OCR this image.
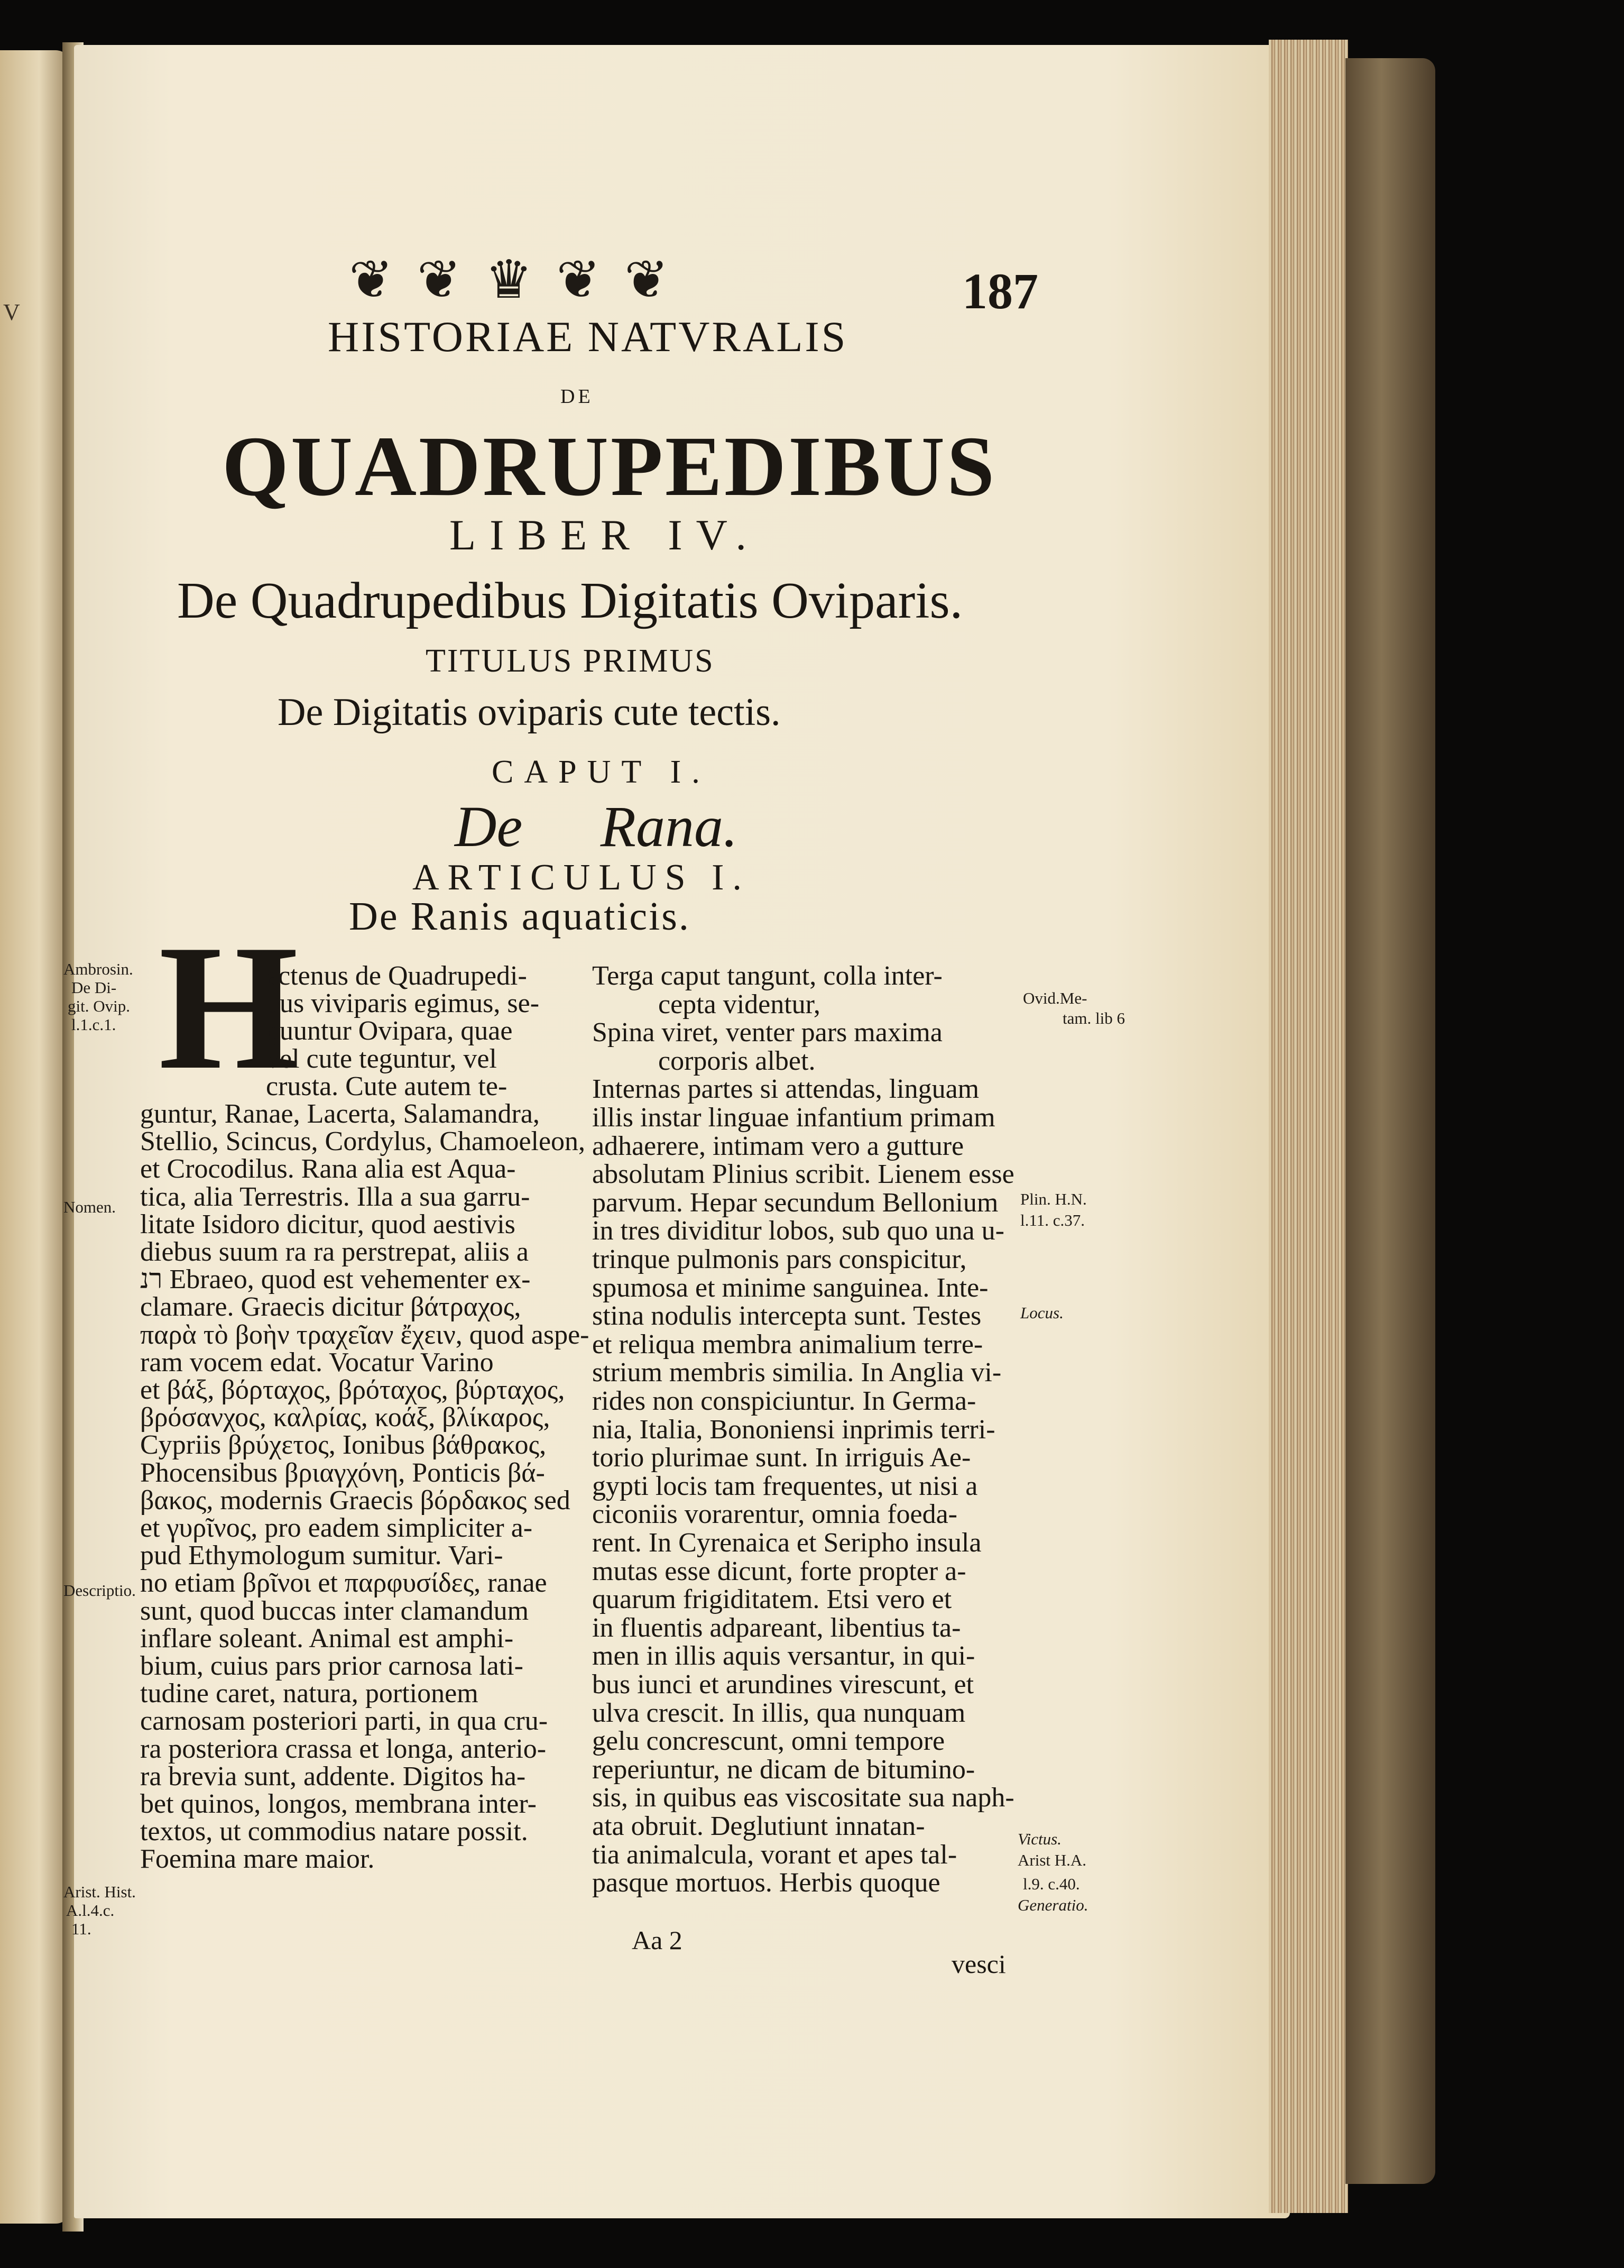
V
❦ ❦ ♛ ❦ ❦	187
HISTORIAE NATVRALIS
DE
QUADRUPEDIBUS
LIBER IV.
De Quadrupedibus Digitatis Oviparis.
TITULUS PRIMUS
De Digitatis oviparis cute tectis.
CAPUT I.
De Rana.
ARTICULUS I.
De Ranis aquaticis.
H
actenus de Quadrupedi-
bus viviparis egimus, se-
quuntur Ovipara, quae
vel cute teguntur, vel
crusta. Cute autem te-
guntur, Ranae, Lacerta, Salamandra,
Stellio, Scincus, Cordylus, Chamoeleon,
et Crocodilus. Rana alia est Aqua-
tica, alia Terrestris. Illa a sua garru-
litate Isidoro dicitur, quod aestivis
diebus suum ra ra perstrepat, aliis a
רנ Ebraeo, quod est vehementer ex-
clamare. Graecis dicitur βάτραχος,
παρὰ τὸ βοὴν τραχεῖαν ἔχειν, quod aspe-
ram vocem edat. Vocatur Varino
et βάξ, βόρταχος, βρόταχος, βύρταχος,
βρόσανχος, καλρίας, κοάξ, βλίκαρος,
Cypriis βρύχετος, Ionibus βάθρακος,
Phocensibus βριαγχόνη, Ponticis βά-
βακος, modernis Graecis βόρδακος sed
et γυρῖνος, pro eadem simpliciter a-
pud Ethymologum sumitur. Vari-
no etiam βρῖνοι et παρφυσίδες, ranae
sunt, quod buccas inter clamandum
inflare soleant. Animal est amphi-
bium, cuius pars prior carnosa lati-
tudine caret, natura, portionem
carnosam posteriori parti, in qua cru-
ra posteriora crassa et longa, anterio-
ra brevia sunt, addente. Digitos ha-
bet quinos, longos, membrana inter-
textos, ut commodius natare possit.
Foemina mare maior.
Terga caput tangunt, colla inter-
cepta videntur,
Spina viret, venter pars maxima
corporis albet.
Internas partes si attendas, linguam
illis instar linguae infantium primam
adhaerere, intimam vero a gutture
absolutam Plinius scribit. Lienem esse
parvum. Hepar secundum Bellonium
in tres dividitur lobos, sub quo una u-
trinque pulmonis pars conspicitur,
spumosa et minime sanguinea. Inte-
stina nodulis intercepta sunt. Testes
et reliqua membra animalium terre-
strium membris similia. In Anglia vi-
rides non conspiciuntur. In Germa-
nia, Italia, Bononiensi inprimis terri-
torio plurimae sunt. In irriguis Ae-
gypti locis tam frequentes, ut nisi a
ciconiis vorarentur, omnia foeda-
rent. In Cyrenaica et Seripho insula
mutas esse dicunt, forte propter a-
quarum frigiditatem. Etsi vero et
in fluentis adpareant, libentius ta-
men in illis aquis versantur, in qui-
bus iunci et arundines virescunt, et
ulva crescit. In illis, qua nunquam
gelu concrescunt, omni tempore
reperiuntur, ne dicam de bitumino-
sis, in quibus eas viscositate sua naph-
ata obruit. Deglutiunt innatan-
tia animalcula, vorant et apes tal-
pasque mortuos. Herbis quoque
Ambrosin.
De Di-
git. Ovip.
l.1.c.1.
Nomen.
Descriptio.
Arist. Hist.
A.l.4.c.
11.
Ovid.Me-
tam. lib 6
Plin. H.N.
l.11. c.37.
Locus.
Victus.
Arist H.A.
l.9. c.40.
Generatio.
Aa 2
vesci
